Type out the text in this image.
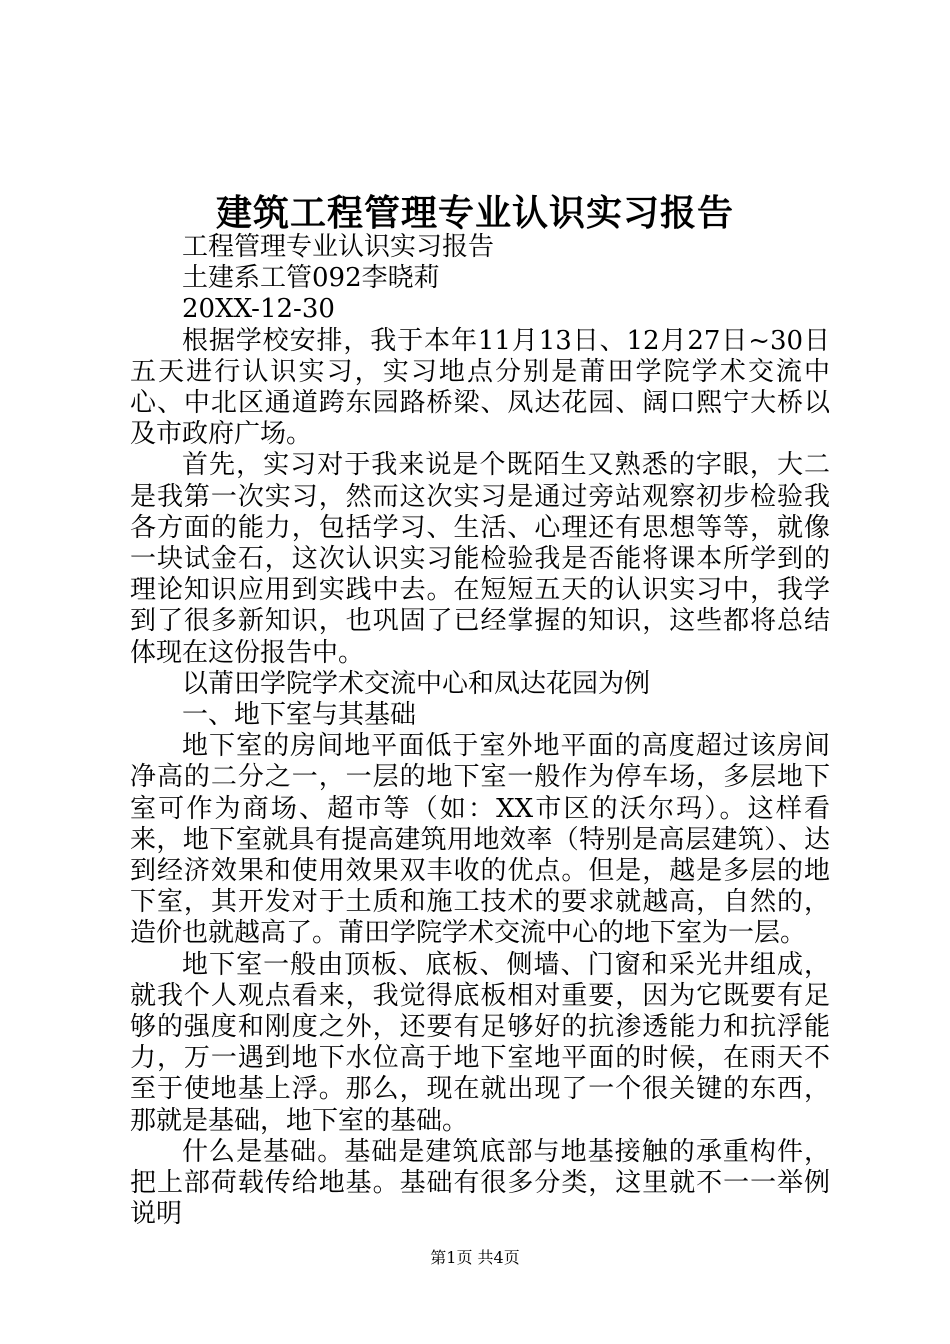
建筑工程管理专业认识实习报告

工程管理专业认识实习报告

土建系工管092李晓莉

20XX-12-30

根据学校安排，我于本年11月13日、12月27日~30日五天进行认识实习，实习地点分别是莆田学院学术交流中心、中北区通道跨东园路桥梁、凤达花园、阔口熙宁大桥以及市政府广场。

首先，实习对于我来说是个既陌生又熟悉的字眼，大二是我第一次实习，然而这次实习是通过旁站观察初步检验我各方面的能力，包括学习、生活、心理还有思想等等，就像一块试金石，这次认识实习能检验我是否能将课本所学到的理论知识应用到实践中去。在短短五天的认识实习中，我学到了很多新知识，也巩固了已经掌握的知识，这些都将总结体现在这份报告中。

以莆田学院学术交流中心和凤达花园为例

一、地下室与其基础

地下室的房间地平面低于室外地平面的高度超过该房间净高的二分之一，一层的地下室一般作为停车场，多层地下室可作为商场、超市等（如：XX市区的沃尔玛）。这样看来，地下室就具有提高建筑用地效率（特别是高层建筑）、达到经济效果和使用效果双丰收的优点。但是，越是多层的地下室，其开发对于土质和施工技术的要求就越高，自然的，造价也就越高了。莆田学院学术交流中心的地下室为一层。

地下室一般由顶板、底板、侧墙、门窗和采光井组成，就我个人观点看来，我觉得底板相对重要，因为它既要有足够的强度和刚度之外，还要有足够好的抗渗透能力和抗浮能力，万一遇到地下水位高于地下室地平面的时候，在雨天不至于使地基上浮。那么，现在就出现了一个很关键的东西，那就是基础，地下室的基础。

什么是基础。基础是建筑底部与地基接触的承重构件，把上部荷载传给地基。基础有很多分类，这里就不一一举例说明

第1页 共4页
